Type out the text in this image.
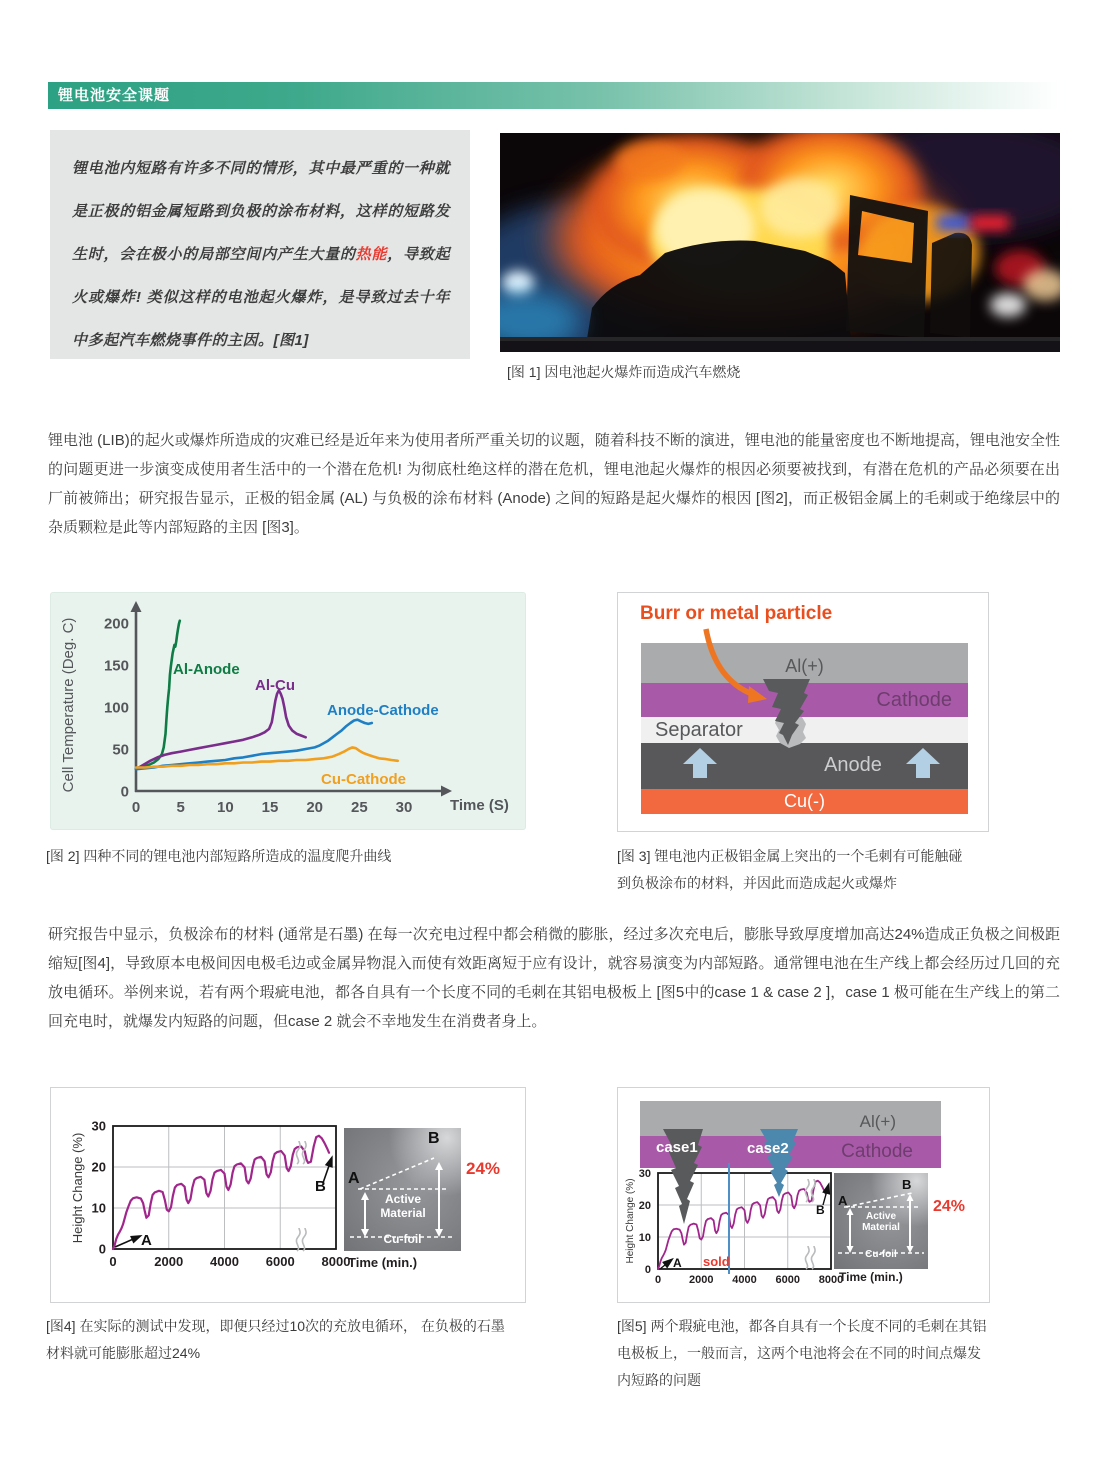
锂电池安全课题
锂电池内短路有许多不同的情形，其中最严重的一种就是正极的铝金属短路到负极的涂布材料，这样的短路发生时，会在极小的局部空间内产生大量的热能，导致起火或爆炸! 类似这样的电池起火爆炸，是导致过去十年中多起汽车燃烧事件的主因。[图1]
[图 1] 因电池起火爆炸而造成汽车燃烧

锂电池 (LIB)的起火或爆炸所造成的灾难已经是近年来为使用者所严重关切的议题，随着科技不断的演进，锂电池的能量密度也不断地提高，锂电池安全性的问题更进一步演变成使用者生活中的一个潜在危机! 为彻底杜绝这样的潜在危机，锂电池起火爆炸的根因必须要被找到，有潜在危机的产品必须要在出厂前被筛出；研究报告显示，正极的铝金属 (AL) 与负极的涂布材料 (Anode) 之间的短路是起火爆炸的根因 [图2]，而正极铝金属上的毛刺或于绝缘层中的杂质颗粒是此等内部短路的主因 [图3]。

0 5 10 15 20 25 30
0
50
100
150
200
Al-Anode
Al-Cu
Anode-Cathode
Cu-Cathode
Time (S)
Cell Temperature (Deg. C)
Burr or metal particle
Al(+)
Cathode
Separator
Anode
Cu(-)
[图 2] 四种不同的锂电池内部短路所造成的温度爬升曲线	[图 3] 锂电池内正极铝金属上突出的一个毛刺有可能触碰到负极涂布的材料，并因此而造成起火或爆炸

研究报告中显示，负极涂布的材料 (通常是石墨) 在每一次充电过程中都会稍微的膨胀，经过多次充电后，膨胀导致厚度增加高达24%造成正负极之间极距缩短[图4]，导致原本电极间因电极毛边或金属异物混入而使有效距离短于应有设计，就容易演变为内部短路。通常锂电池在生产线上都会经历过几回的充放电循环。举例来说，若有两个瑕疵电池，都各自具有一个长度不同的毛刺在其铝电极板上 [图5中的case 1 & case 2 ]，case 1 极可能在生产线上的第二回充电时，就爆发内短路的问题，但case 2 就会不幸地发生在消费者身上。

0	2000 4000 6000 8000
0
10
20
30
A
B
Time (min.)
Height Change (%)	A
B
Active Material
Cu-foil
24%
0	2000 4000 6000 8000
0
10
20
30
A
B
sold
Time (min.)
Height Change (%)
Al(+)
Cathode
case1	case2
A
B
Active Material
Cu-foil
24%
[图4] 在实际的测试中发现，即便只经过10次的充放电循环， 在负极的石墨材料就可能膨胀超过24%
[图5] 两个瑕疵电池，都各自具有一个长度不同的毛刺在其铝电极板上，一般而言，这两个电池将会在不同的时间点爆发内短路的问题
